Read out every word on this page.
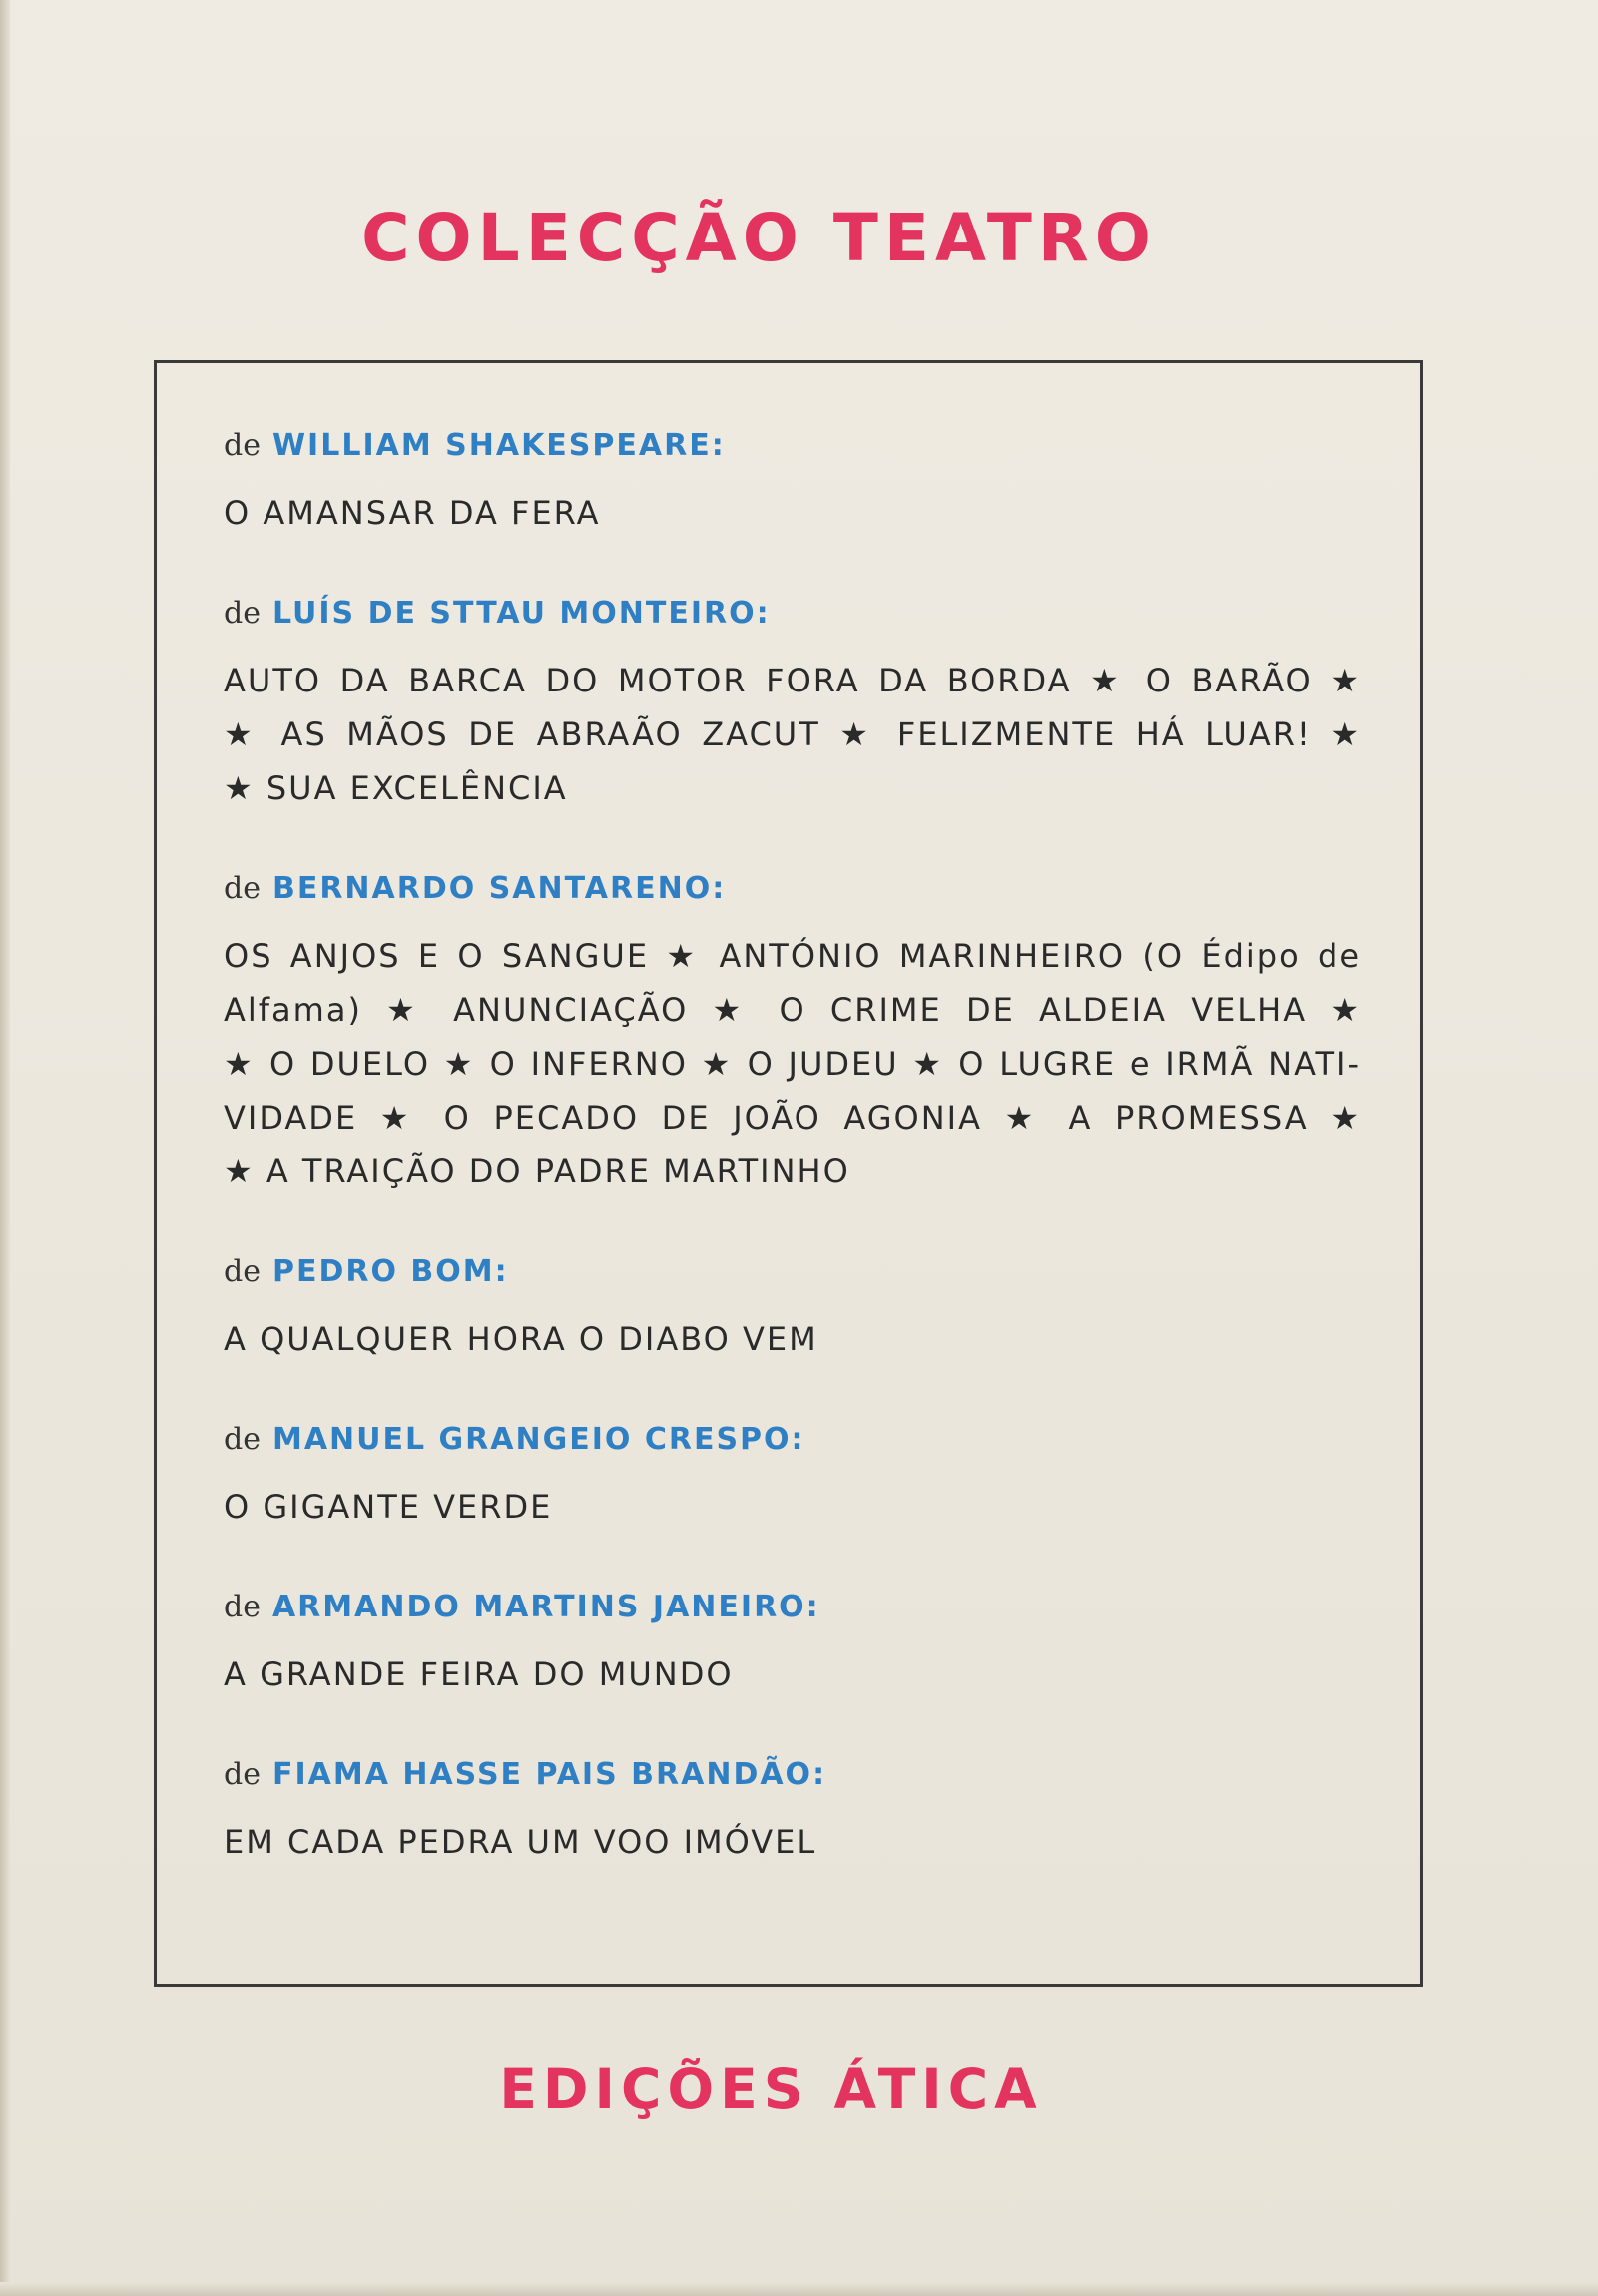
COLECÇÃO TEATRO
de WILLIAM SHAKESPEARE:
O AMANSAR DA FERA
de LUÍS DE STTAU MONTEIRO:
AUTO DA BARCA DO MOTOR FORA DA BORDA ★ O BARÃO ★
★ AS MÃOS DE ABRAÃO ZACUT ★ FELIZMENTE HÁ LUAR! ★
★ SUA EXCELÊNCIA
de BERNARDO SANTARENO:
OS ANJOS E O SANGUE ★ ANTÓNIO MARINHEIRO (O Édipo de
Alfama) ★ ANUNCIAÇÃO ★ O CRIME DE ALDEIA VELHA ★
★ O DUELO ★ O INFERNO ★ O JUDEU ★ O LUGRE e IRMÃ NATI-
VIDADE ★ O PECADO DE JOÃO AGONIA ★ A PROMESSA ★
★ A TRAIÇÃO DO PADRE MARTINHO
de PEDRO BOM:
A QUALQUER HORA O DIABO VEM
de MANUEL GRANGEIO CRESPO:
O GIGANTE VERDE
de ARMANDO MARTINS JANEIRO:
A GRANDE FEIRA DO MUNDO
de FIAMA HASSE PAIS BRANDÃO:
EM CADA PEDRA UM VOO IMÓVEL
EDIÇÕES ÁTICA
